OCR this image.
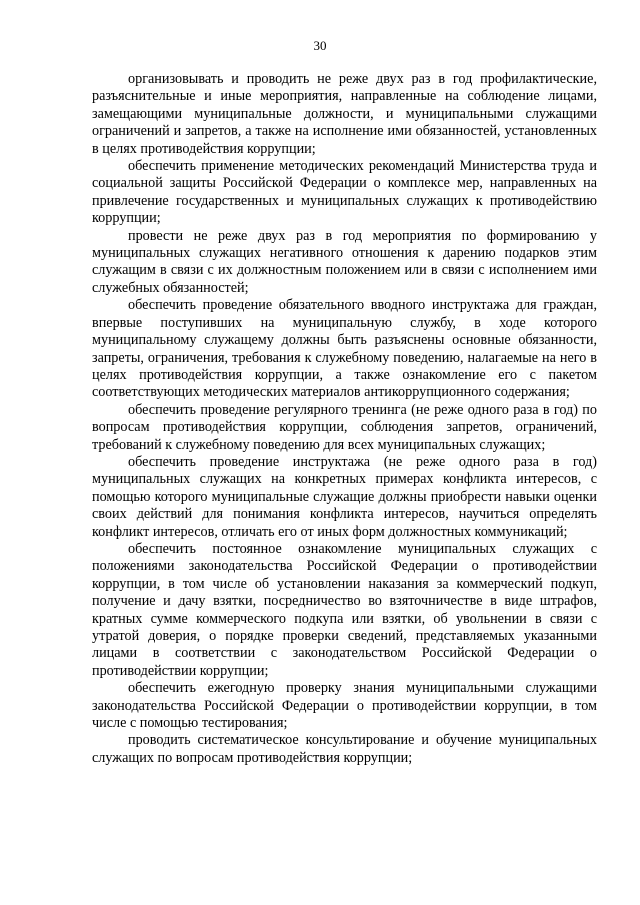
30

организовывать и проводить не реже двух раз в год профилактические, разъяснительные и иные мероприятия, направленные на соблюдение лицами, замещающими муниципальные должности, и муниципальными служащими ограничений и запретов, а также на исполнение ими обязанностей, установленных в целях противодействия коррупции;

обеспечить применение методических рекомендаций Министерства труда и социальной защиты Российской Федерации о комплексе мер, направленных на привлечение государственных и муниципальных служащих к противодействию коррупции;

провести не реже двух раз в год мероприятия по формированию у муниципальных служащих негативного отношения к дарению подарков этим служащим в связи с их должностным положением или в связи с исполнением ими служебных обязанностей;

обеспечить проведение обязательного вводного инструктажа для граждан, впервые поступивших на муниципальную службу, в ходе которого муниципальному служащему должны быть разъяснены основные обязанности, запреты, ограничения, требования к служебному поведению, налагаемые на него в целях противодействия коррупции, а также ознакомление его с пакетом соответствующих методических материалов антикоррупционного содержания;

обеспечить проведение регулярного тренинга (не реже одного раза в год) по вопросам противодействия коррупции, соблюдения запретов, ограничений, требований к служебному поведению для всех муниципальных служащих;

обеспечить проведение инструктажа (не реже одного раза в год) муниципальных служащих на конкретных примерах конфликта интересов, с помощью которого муниципальные служащие должны приобрести навыки оценки своих действий для понимания конфликта интересов, научиться определять конфликт интересов, отличать его от иных форм должностных коммуникаций;

обеспечить постоянное ознакомление муниципальных служащих с положениями законодательства Российской Федерации о противодействии коррупции, в том числе об установлении наказания за коммерческий подкуп, получение и дачу взятки, посредничество во взяточничестве в виде штрафов, кратных сумме коммерческого подкупа или взятки, об увольнении в связи с утратой доверия, о порядке проверки сведений, представляемых указанными лицами в соответствии с законодательством Российской Федерации о противодействии коррупции;

обеспечить ежегодную проверку знания муниципальными служащими законодательства Российской Федерации о противодействии коррупции, в том числе с помощью тестирования;

проводить систематическое консультирование и обучение муниципальных служащих по вопросам противодействия коррупции;
